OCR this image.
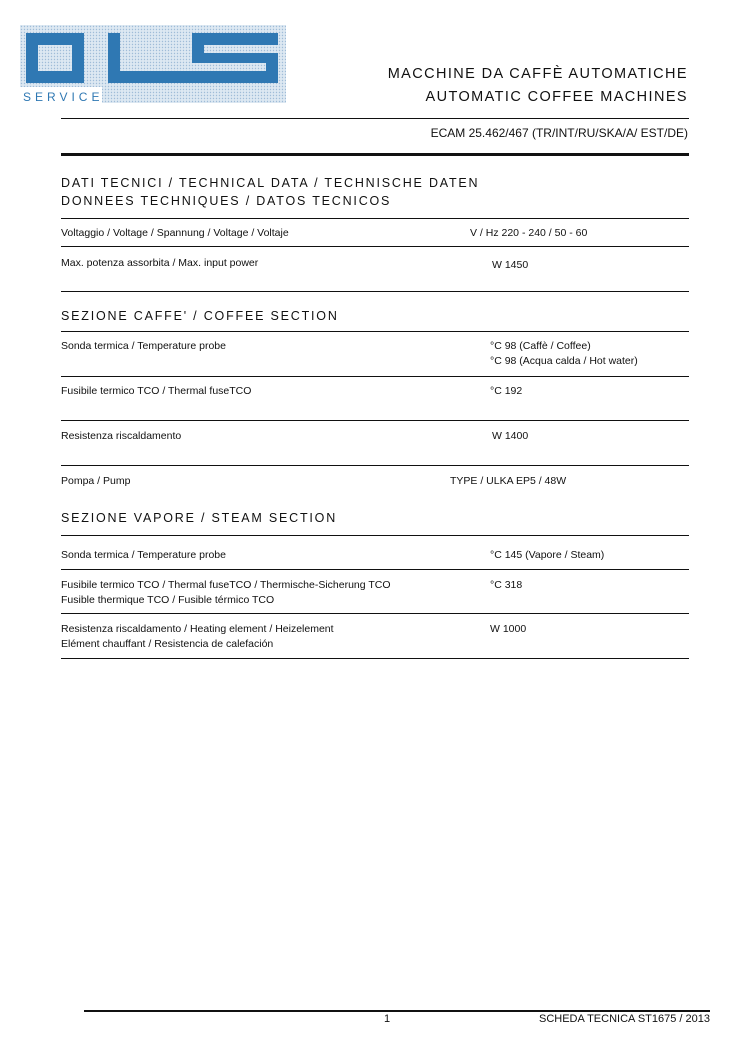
SERVICE
MACCHINE DA CAFFÈ AUTOMATICHE
AUTOMATIC COFFEE MACHINES
ECAM 25.462/467 (TR/INT/RU/SKA/A/ EST/DE)
DATI TECNICI / TECHNICAL DATA / TECHNISCHE DATEN
DONNEES TECHNIQUES / DATOS TECNICOS
Voltaggio / Voltage / Spannung / Voltage / Voltaje	V / Hz 220 - 240 / 50 - 60
Max. potenza assorbita / Max. input power	W 1450
SEZIONE CAFFE' / COFFEE SECTION
Sonda termica / Temperature probe	°C 98 (Caffè / Coffee)
°C 98 (Acqua calda / Hot water)
Fusibile termico TCO / Thermal fuseTCO	°C 192
Resistenza riscaldamento	W 1400
Pompa / Pump	TYPE / ULKA EP5 / 48W
SEZIONE VAPORE / STEAM SECTION
Sonda termica / Temperature probe	°C 145 (Vapore / Steam)
Fusibile termico TCO / Thermal fuseTCO / Thermische-Sicherung TCO
Fusible thermique TCO / Fusible térmico TCO
°C 318
Resistenza riscaldamento / Heating element / Heizelement
Elément chauffant / Resistencia de calefación
W 1000
1	SCHEDA TECNICA ST1675 / 2013
